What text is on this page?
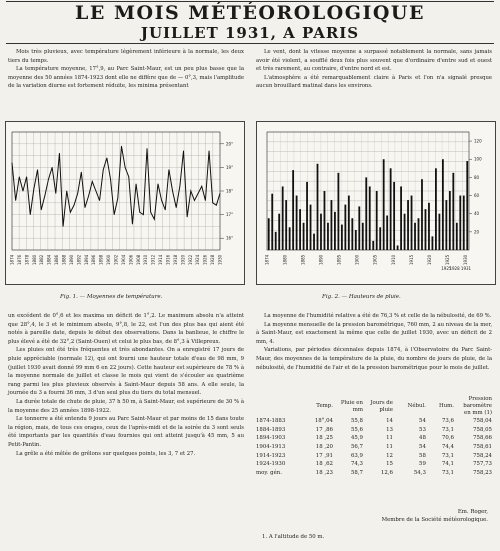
LE MOIS MÉTÉOROLOGIQUE
JUILLET 1931, A PARIS

Mois très pluvieux, avec température légèrement inférieure à la normale, les deux tiers du temps.

La température moyenne, 17°,9, au Parc Saint-Maur, est un peu plus basse que la moyenne des 50 années 1874-1923 dont elle ne diffère que de — 0°,3, mais l'amplitude de la variation diurne est fortement réduite, les minima présentant

Le vent, dont la vitesse moyenne a surpassé notablement la normale, sans jamais avoir été violent, a soufflé deux fois plus souvent que d'ordinaire d'entre sud et ouest et très rarement, au contraire, d'entre nord et est.

L'atmosphère a été remarquablement claire à Paris et l'on n'a signalé presque aucun brouillard matinal dans les environs.

20°
19°
18°
17°
16°
1874 1876 1878 1880 1882 1884 1886 1888 1890 1892 1894 1896 1898 1900 1902 1904 1906 1908 1910 1912 1914 1916 1918 1920 1922 1924 1926 1928 1930
Fig. 1. — Moyennes de température.
120
100
80
60
40
20
1874	1880	1885	1890	1895	1900	1905	1910	1915	1920	1925	1930
1925
1928 1931
Fig. 2. — Hauteurs de pluie.

un excédent de 0°,6 et les maxima un déficit de 1°,2. Le maximum absolu n'a atteint que 28°,4, le 3 et le minimum absolu, 9°,8, le 22, est l'un des plus bas qui aient été notés à pareille date, depuis le début des observations. Dans la banlieue, le chiffre le plus élevé a été de 32°,2 (Saint-Ouen) et celui le plus bas, de 8°,3 à Villepreux.

Les pluies ont été très fréquentes et très abondantes. On a enregistré 17 jours de pluie appréciable (normale 12), qui ont fourni une hauteur totale d'eau de 98 mm, 9 (juillet 1930 avait donné 99 mm 6 en 22 jours). Cette hauteur est supérieure de 78 % à la moyenne normale de juillet et classe le mois qui vient de s'écouler au quatrième rang parmi les plus pluvieux observés à Saint-Maur depuis 58 ans. A elle seule, la journée du 3 a fourni 36 mm, 3 d'un seul plus du tiers du total mensuel.

La durée totale de chute de pluie, 37 h 50 m, à Saint-Maur, est supérieure de 30 % à la moyenne des 25 années 1898-1922.

Le tonnerre a été entendu 9 jours au Parc Saint-Maur et par moins de 15 dans toute la région, mais, de tous ces orages, ceux de l'après-midi et de la soirée du 3 sont seuls été importants par les quantités d'eau fournies qui ont atteint jusqu'à 45 mm, 5 au Petit-Pantin.

La grêle a été mêlée de grêlons sur quelques points, les 3, 7 et 27.

La moyenne de l'humidité relative a été de 76,3 % et celle de la nébulosité, de 69 %.

La moyenne mensuelle de la pression barométrique, 760 mm, 2 au niveau de la mer, à Saint-Maur, est exactement la même que celle de juillet 1930, avec un déficit de 2 mm, 4.

Variations, par périodes décennales depuis 1874, à l'Observatoire du Parc Saint-Maur, des moyennes de la température de la pluie, du nombre de jours de pluie, de la nébulosité, de l'humidité de l'air et de la pression barométrique pour le mois de juillet.

	Temp.	Pluie en mm	Jours de pluie	Nébul.	Hum.	Pression baromètre en mm (1)
1874-1883	18°,04	55,8	14	54	73,6	758,04
1884-1893	17 ,86	55,6	13	53	73,1	758,05
1894-1903	18 ,25	45,9	11	48	70,6	758,66
1904-1913	18 ,20	56,7	11	54	74,4	758,61
1914-1923	17 ,91	63,9	12	58	73,1	758,24
1924-1930	18 ,62	74,3	15	59	74,1	757,73
moy. gén.	18 ,23	58,7	12,6	54,3	73,1	758,23
Em. Roger,
Membre de la Société météorologique.
1. A l'altitude de 50 m.
